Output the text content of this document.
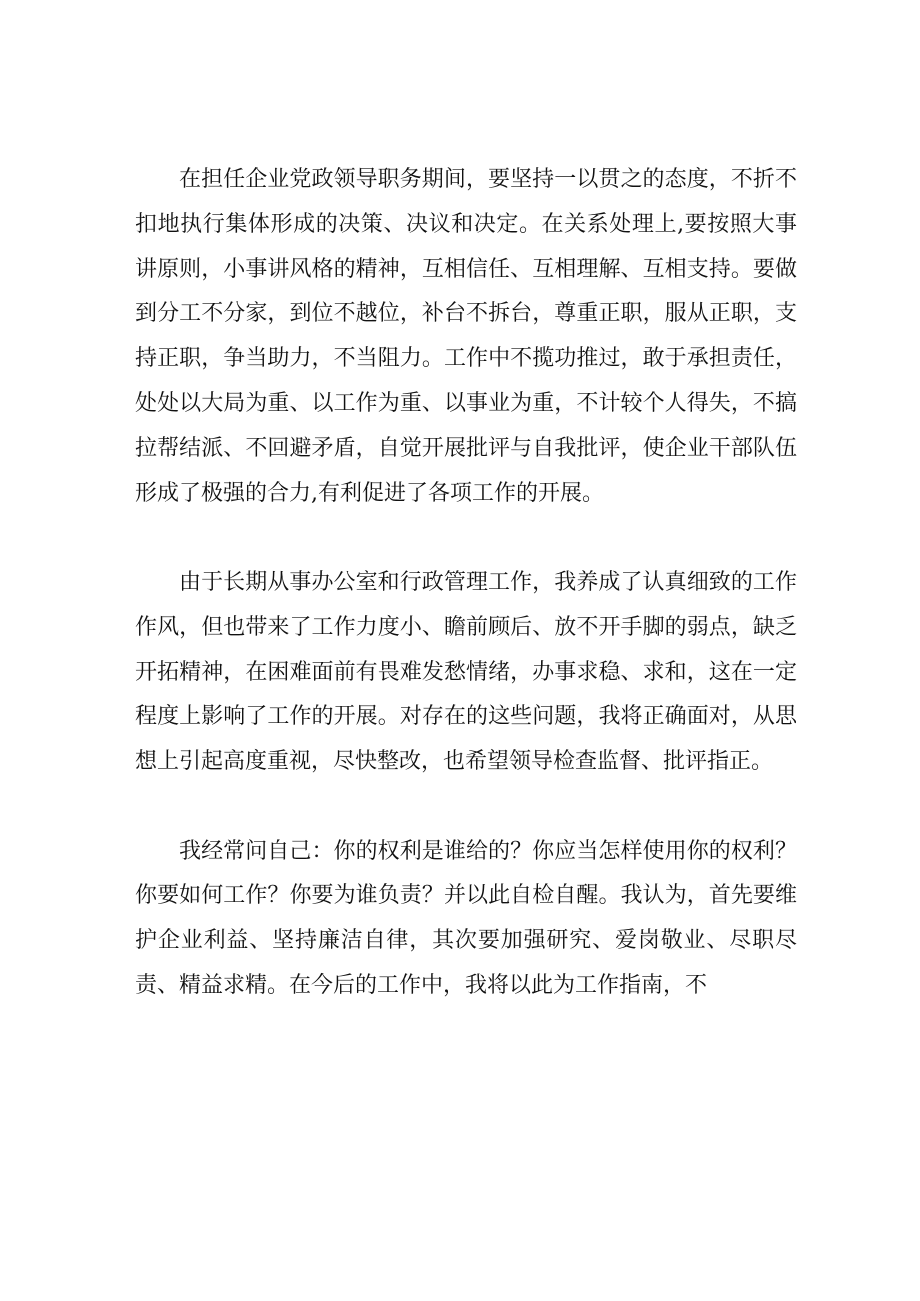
在担任企业党政领导职务期间，要坚持一以贯之的态度，不折不扣地执行集体形成的决策、决议和决定。在关系处理上,要按照大事讲原则，小事讲风格的精神，互相信任、互相理解、互相支持。要做到分工不分家，到位不越位，补台不拆台，尊重正职，服从正职，支持正职，争当助力，不当阻力。工作中不揽功推过，敢于承担责任，处处以大局为重、以工作为重、以事业为重，不计较个人得失，不搞拉帮结派、不回避矛盾，自觉开展批评与自我批评，使企业干部队伍形成了极强的合力,有利促进了各项工作的开展。

由于长期从事办公室和行政管理工作，我养成了认真细致的工作作风，但也带来了工作力度小、瞻前顾后、放不开手脚的弱点，缺乏开拓精神，在困难面前有畏难发愁情绪，办事求稳、求和，这在一定程度上影响了工作的开展。对存在的这些问题，我将正确面对，从思想上引起高度重视，尽快整改，也希望领导检查监督、批评指正。

我经常问自己：你的权利是谁给的？你应当怎样使用你的权利？你要如何工作？你要为谁负责？并以此自检自醒。我认为，首先要维护企业利益、坚持廉洁自律，其次要加强研究、爱岗敬业、尽职尽责、精益求精。在今后的工作中，我将以此为工作指南，不
